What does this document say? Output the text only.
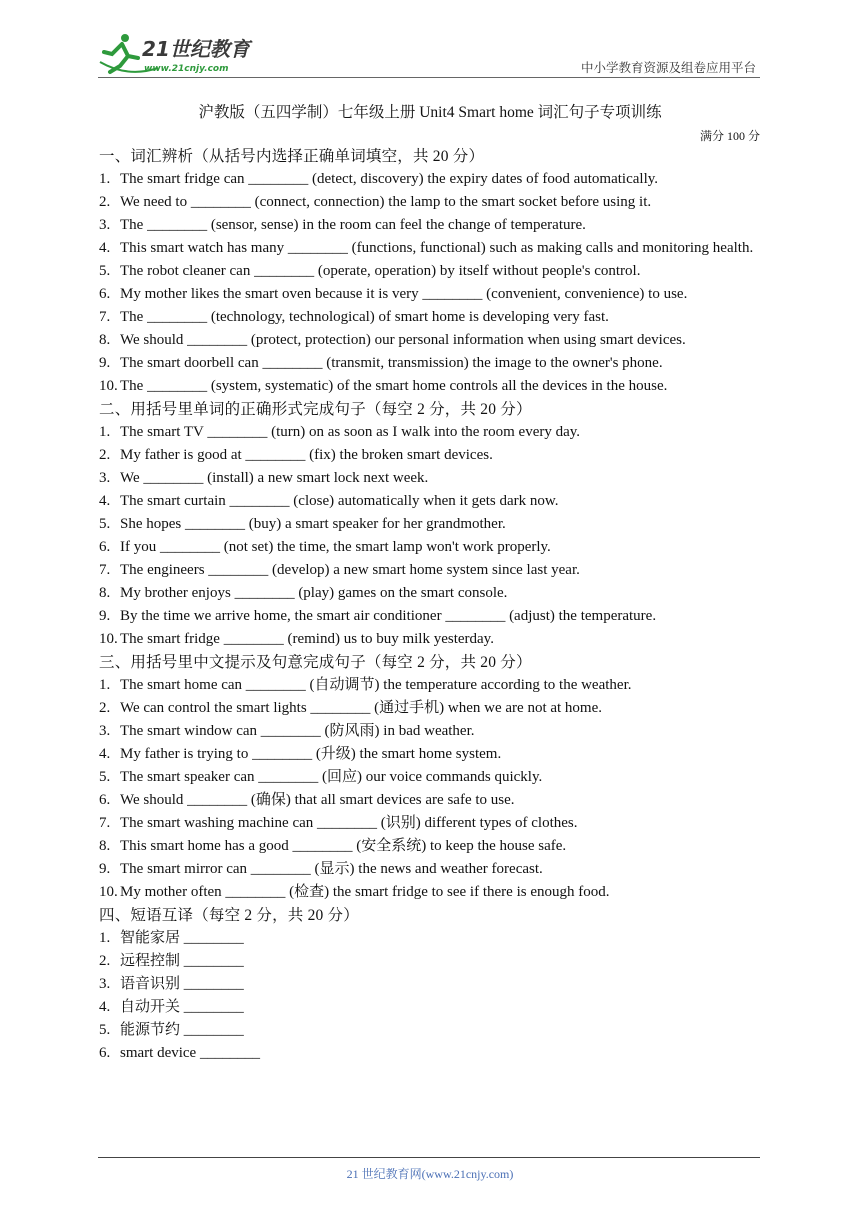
21世纪教育
www.21cnjy.com	中小学教育资源及组卷应用平台
沪教版（五四学制）七年级上册 Unit4 Smart home 词汇句子专项训练
满分 100 分
一、词汇辨析（从括号内选择正确单词填空，共 20 分）
1. The smart fridge can ________ (detect, discovery) the expiry dates of food automatically.
2. We need to ________ (connect, connection) the lamp to the smart socket before using it.
3. The ________ (sensor, sense) in the room can feel the change of temperature.
4. This smart watch has many ________ (functions, functional) such as making calls and monitoring health.
5. The robot cleaner can ________ (operate, operation) by itself without people's control.
6. My mother likes the smart oven because it is very ________ (convenient, convenience) to use.
7. The ________ (technology, technological) of smart home is developing very fast.
8. We should ________ (protect, protection) our personal information when using smart devices.
9. The smart doorbell can ________ (transmit, transmission) the image to the owner's phone.
10. The ________ (system, systematic) of the smart home controls all the devices in the house.
二、用括号里单词的正确形式完成句子（每空 2 分，共 20 分）
1. The smart TV ________ (turn) on as soon as I walk into the room every day.
2. My father is good at ________ (fix) the broken smart devices.
3. We ________ (install) a new smart lock next week.
4. The smart curtain ________ (close) automatically when it gets dark now.
5. She hopes ________ (buy) a smart speaker for her grandmother.
6. If you ________ (not set) the time, the smart lamp won't work properly.
7. The engineers ________ (develop) a new smart home system since last year.
8. My brother enjoys ________ (play) games on the smart console.
9. By the time we arrive home, the smart air conditioner ________ (adjust) the temperature.
10. The smart fridge ________ (remind) us to buy milk yesterday.
三、用括号里中文提示及句意完成句子（每空 2 分，共 20 分）
1. The smart home can ________ (自动调节) the temperature according to the weather.
2. We can control the smart lights ________ (通过手机) when we are not at home.
3. The smart window can ________ (防风雨) in bad weather.
4. My father is trying to ________ (升级) the smart home system.
5. The smart speaker can ________ (回应) our voice commands quickly.
6. We should ________ (确保) that all smart devices are safe to use.
7. The smart washing machine can ________ (识别) different types of clothes.
8. This smart home has a good ________ (安全系统) to keep the house safe.
9. The smart mirror can ________ (显示) the news and weather forecast.
10. My mother often ________ (检查) the smart fridge to see if there is enough food.
四、短语互译（每空 2 分，共 20 分）
1. 智能家居 ________
2. 远程控制 ________
3. 语音识别 ________
4. 自动开关 ________
5. 能源节约 ________
6. smart device ________
21 世纪教育网(www.21cnjy.com)
